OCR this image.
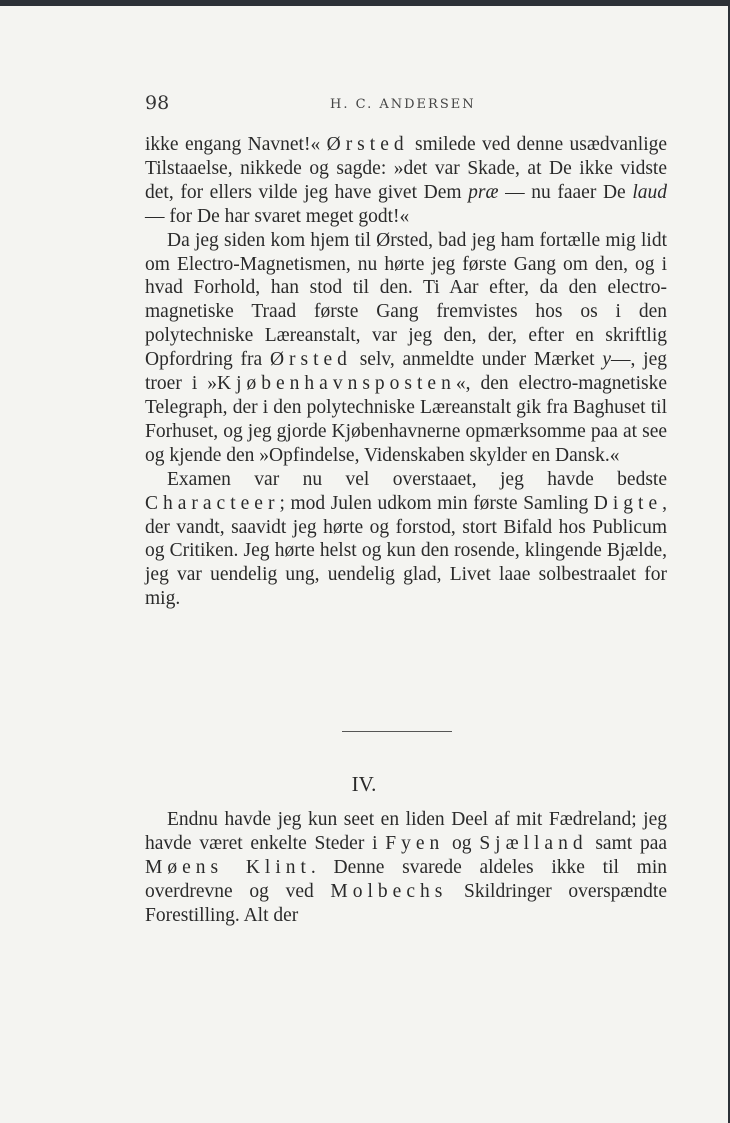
98	H. C. ANDERSEN

ikke engang Navnet!« Ørsted smilede ved denne usædvanlige Tilstaaelse, nikkede og sagde: »det var Skade, at De ikke vidste det, for ellers vilde jeg have givet Dem præ — nu faaer De laud — for De har svaret meget godt!«

Da jeg siden kom hjem til Ørsted, bad jeg ham fortælle mig lidt om Electro-Magnetismen, nu hørte jeg første Gang om den, og i hvad Forhold, han stod til den. Ti Aar efter, da den electro-magnetiske Traad første Gang fremvistes hos os i den polytechniske Læreanstalt, var jeg den, der, efter en skriftlig Opfordring fra Ørsted selv, anmeldte under Mærket y—, jeg troer i »Kjøbenhavnsposten«, den electro-magnetiske Telegraph, der i den polytechniske Læreanstalt gik fra Baghuset til Forhuset, og jeg gjorde Kjøbenhavnerne opmærksomme paa at see og kjende den »Opfindelse, Videnskaben skylder en Dansk.«

Examen var nu vel overstaaet, jeg havde bedste Characteer; mod Julen udkom min første Samling Digte, der vandt, saavidt jeg hørte og forstod, stort Bifald hos Publicum og Critiken. Jeg hørte helst og kun den rosende, klingende Bjælde, jeg var uendelig ung, uendelig glad, Livet laae solbestraalet for mig.

IV.

Endnu havde jeg kun seet en liden Deel af mit Fædreland; jeg havde været enkelte Steder i Fyen og Sjælland samt paa Møens Klint. Denne svarede aldeles ikke til min overdrevne og ved Molbechs Skildringer overspændte Forestilling. Alt der
